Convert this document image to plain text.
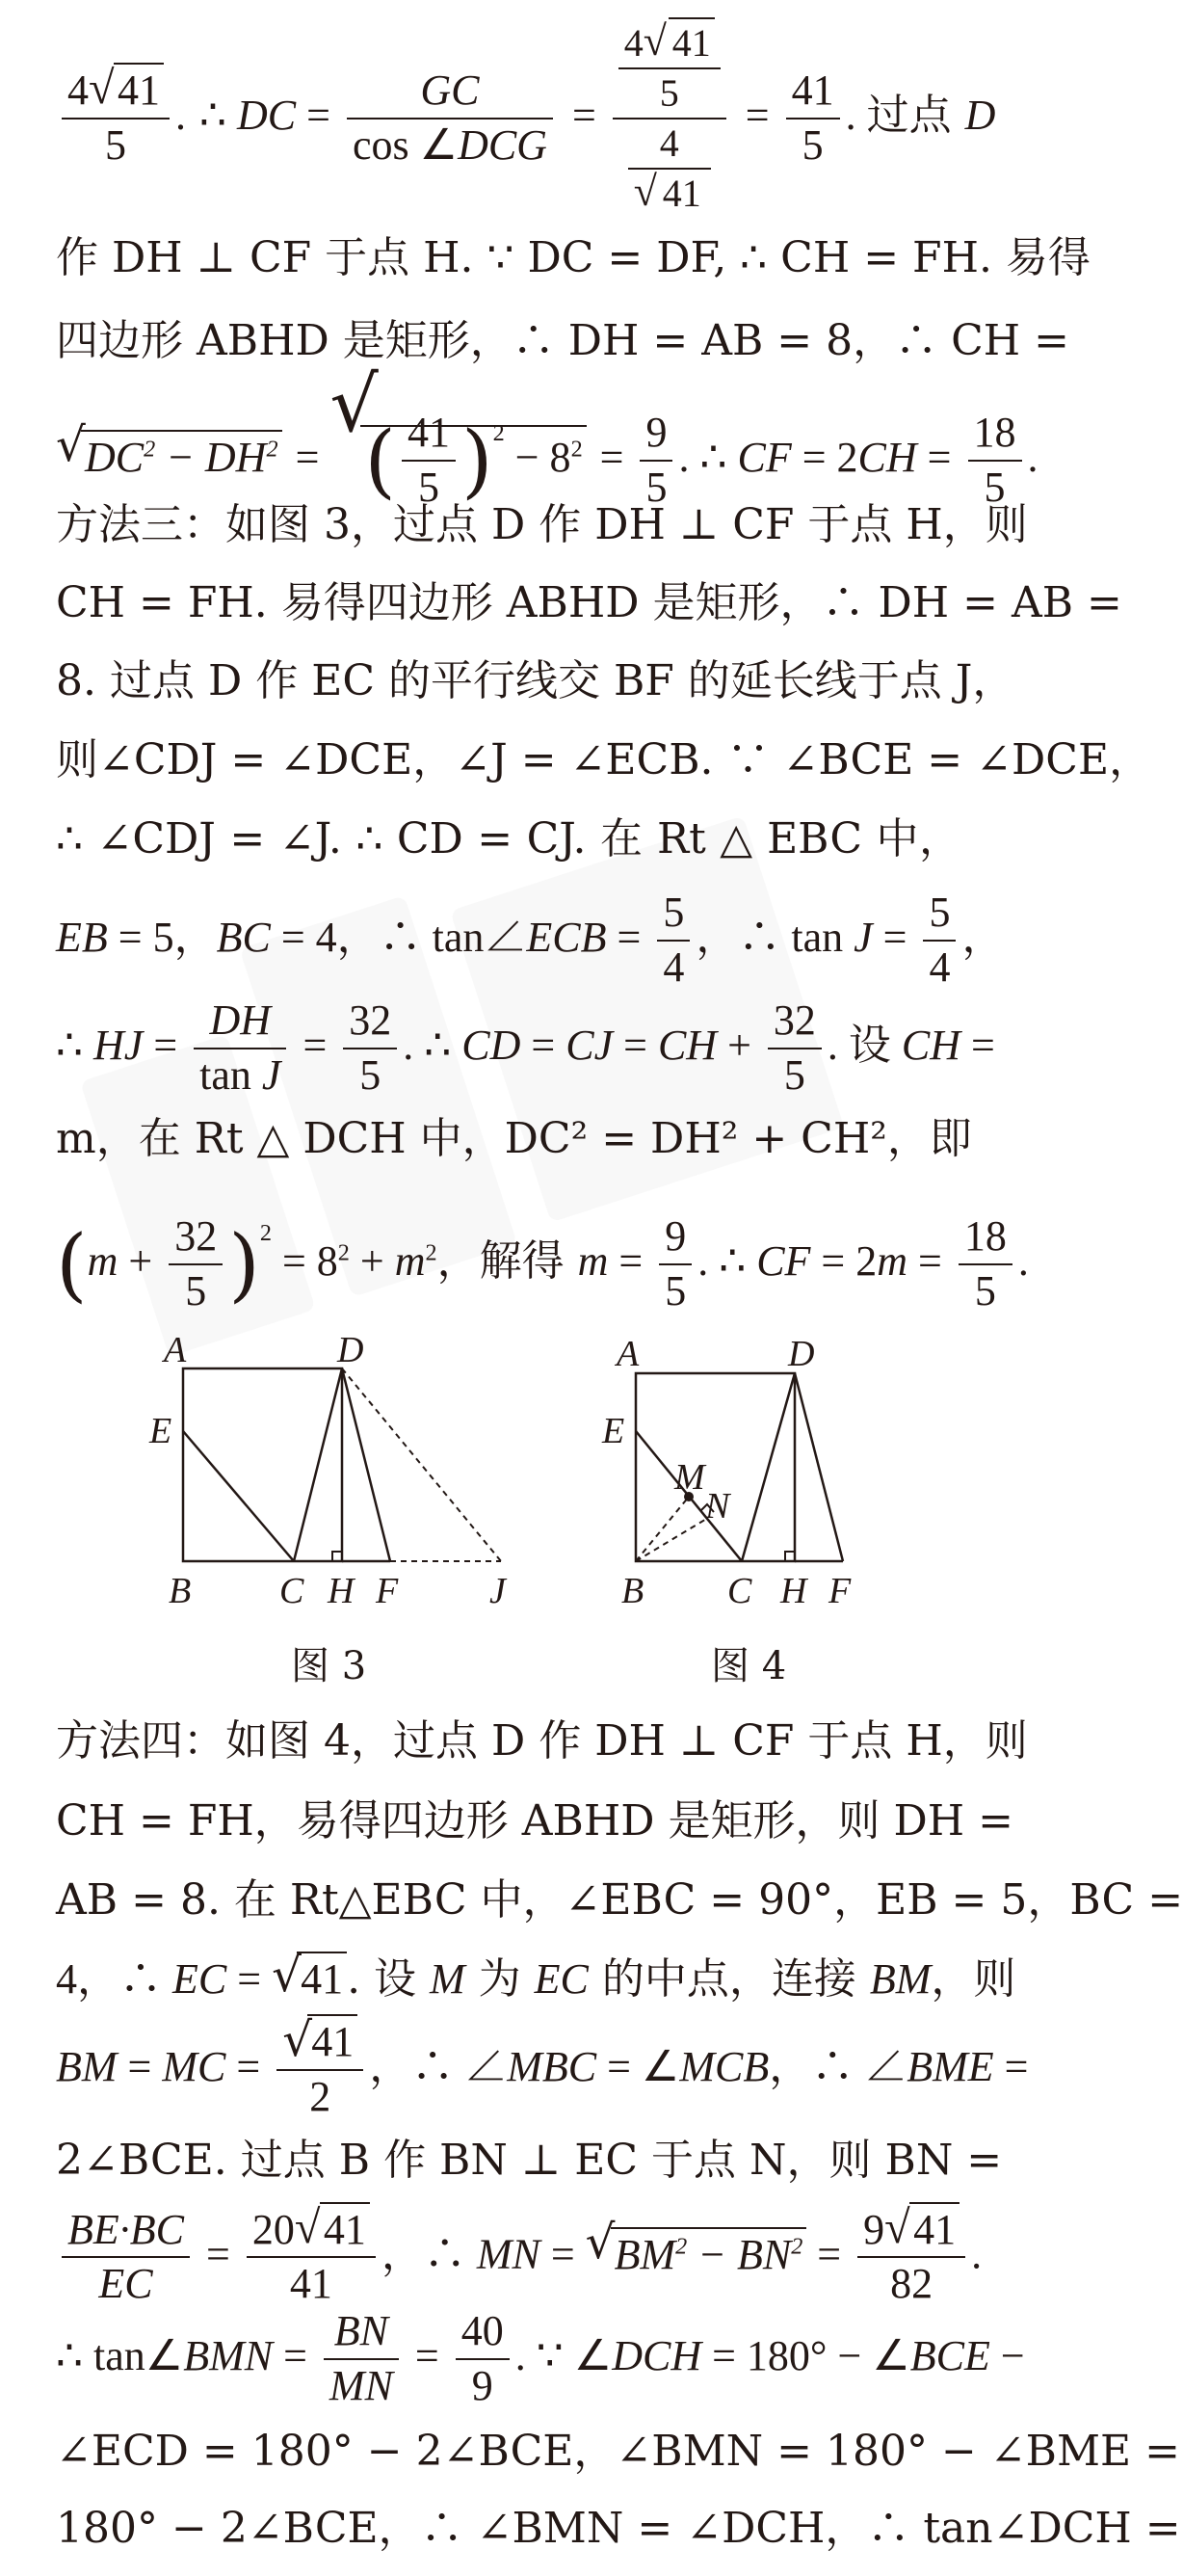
$\frac{4 √ 41}{5}$ . ∴ DC = $\frac{GC}{\text{cos ∠DCG}} = \frac{\frac{4 √ 41}{5}}{\frac{4}{√ 41}} = \frac{41}{5}$ . 过点 D
作 DH ⊥ CF 于点 H. ∵ DC = DF, ∴ CH = FH. 易得
四边形 ABHD 是矩形，∴ DH = AB = 8，∴ CH =
√ $DC^2 - DH^2$ =
√
( $\frac{41}{5} )^2 - 8^2 = \frac{9}{5}$ . ∴ CF = $2CH = \frac{18}{5}$ .
方法三：如图 3，过点 D 作 DH ⊥ CF 于点 H，则
CH = FH. 易得四边形 ABHD 是矩形，∴ DH = AB =
8. 过点 D 作 EC 的平行线交 BF 的延长线于点 J，
则∠CDJ = ∠DCE，∠J = ∠ECB. ∵ ∠BCE = ∠DCE，
∴ ∠CDJ = ∠J. ∴ CD = CJ. 在 Rt △ EBC 中，
EB = 5，BC = 4，∴ tan∠ECB = $\frac{5}{4}$ ，∴ $\tan J = \frac{5}{4}$ ，
∴ HJ = $\frac{DH}{\text{tan J}} = \frac{32}{5}$ . ∴ CD = CJ = CH + $\frac{32}{5}$ . 设 CH =
m，在 Rt △ DCH 中，DC² = DH² + CH²，即
$(m + \frac{32}{5} )^2 = 8^2 + m^2$，解得 $m = \frac{9}{5}$ . ∴ CF = $2m = \frac{18}{5}$ .
A	D
E
B C H F J
图 3
A	D
E
M
N
B C H F
图 4
方法四：如图 4，过点 D 作 DH ⊥ CF 于点 H，则
CH = FH，易得四边形 ABHD 是矩形，则 DH =
AB = 8. 在 Rt△EBC 中，∠EBC = 90°，EB = 5，BC =
4，∴ EC = √ 41. 设 M 为 EC 的中点，连接 BM，则
BM = MC = $\frac{√ 41}{2}$ ，∴ ∠MBC = ∠MCB，∴ ∠BME =
2∠BCE. 过点 B 作 BN ⊥ EC 于点 N，则 BN =
$\frac{BE\cdot BC}{EC} = \frac{20 √ 41}{41}$ ，∴ MN = √ $BM^2 - BN^2 = \frac{9 √ 41}{82}$ .
∴ tan∠BMN = $\frac{BN}{MN} = \frac{40}{9}$ . ∵ ∠DCH = 180° − ∠BCE −
∠ECD = 180° − 2∠BCE，∠BMN = 180° − ∠BME =
180° − 2∠BCE，∴ ∠BMN = ∠DCH，∴ tan∠DCH =
